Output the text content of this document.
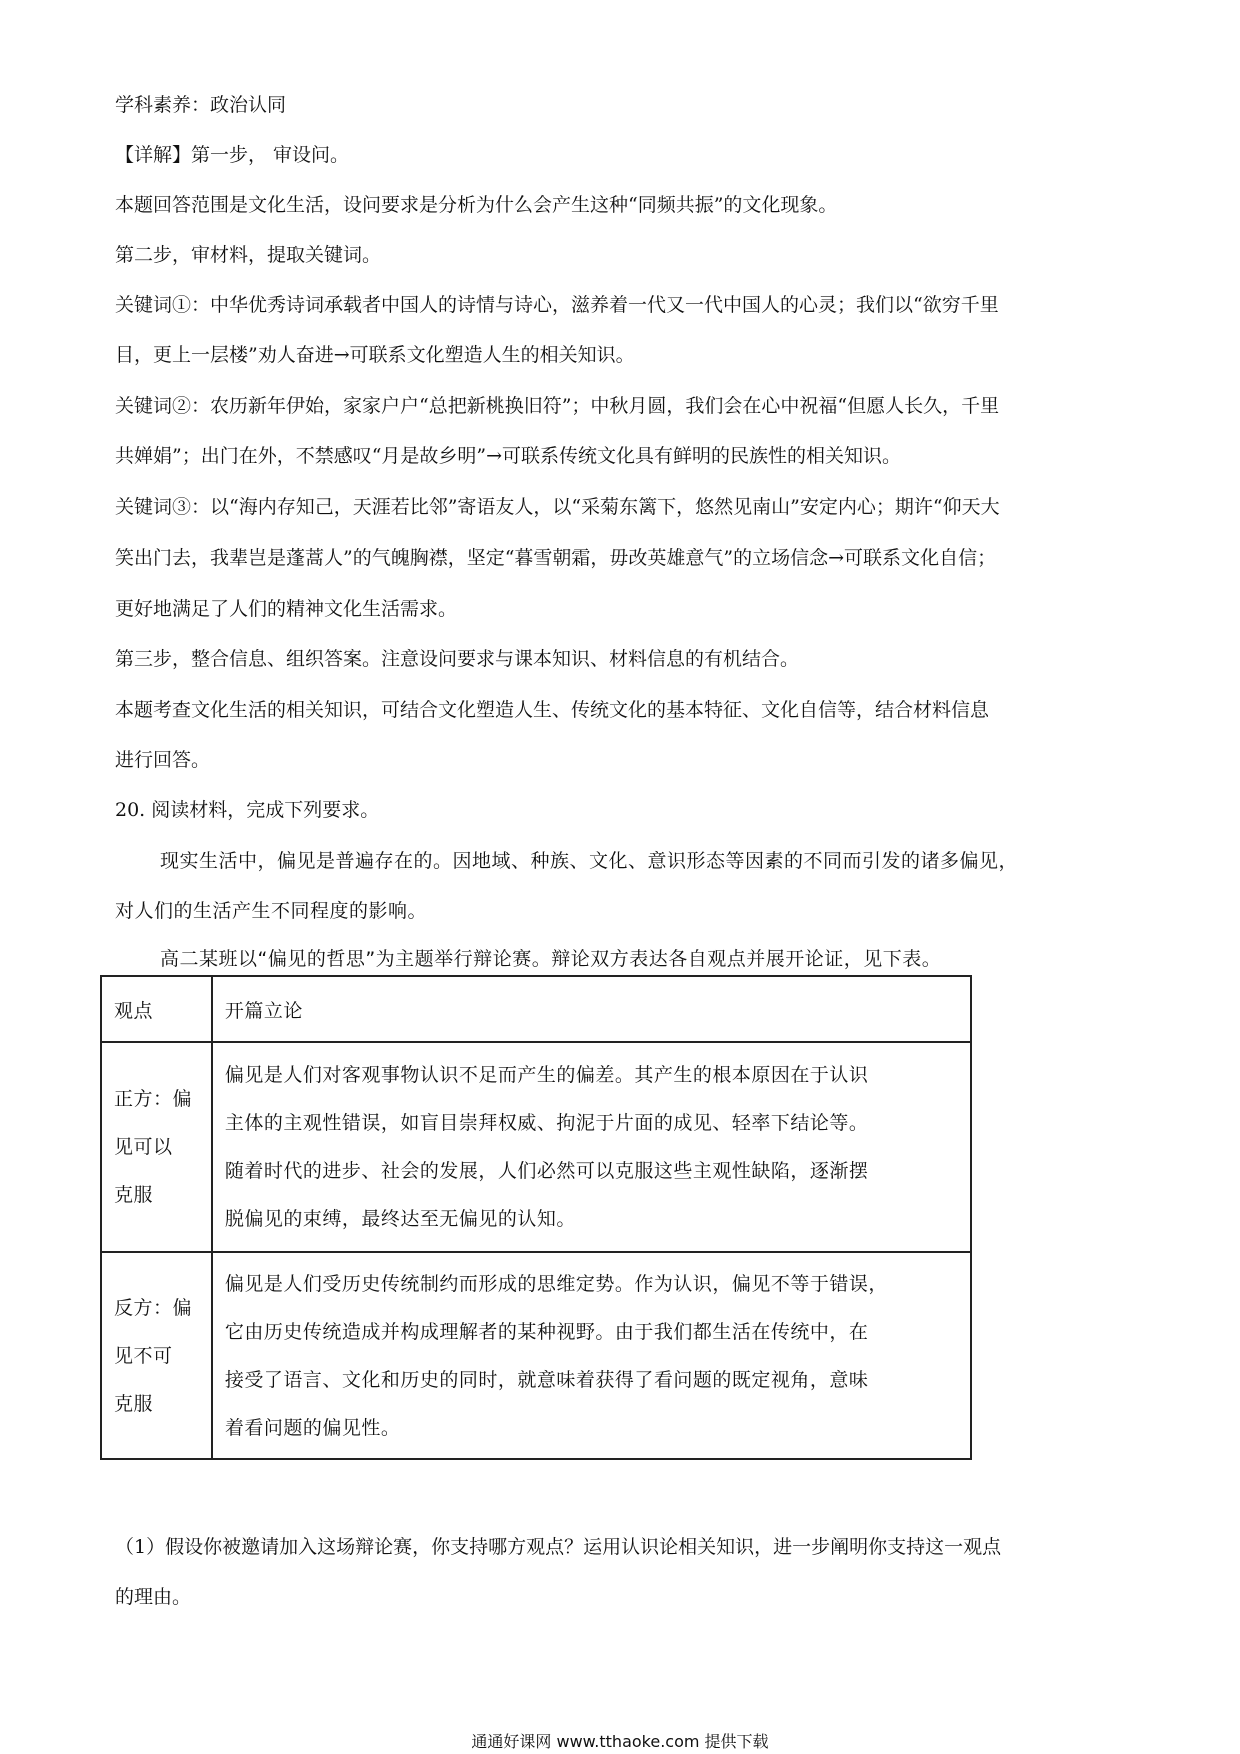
学科素养：政治认同
【详解】第一步， 审设问。
本题回答范围是文化生活，设问要求是分析为什么会产生这种“同频共振”的文化现象。
第二步，审材料，提取关键词。
关键词①：中华优秀诗词承载者中国人的诗情与诗心，滋养着一代又一代中国人的心灵；我们以“欲穷千里
目，更上一层楼”劝人奋进→可联系文化塑造人生的相关知识。
关键词②：农历新年伊始，家家户户“总把新桃换旧符”；中秋月圆，我们会在心中祝福“但愿人长久，千里
共婵娟”；出门在外，不禁感叹“月是故乡明”→可联系传统文化具有鲜明的民族性的相关知识。
关键词③：以“海内存知己，天涯若比邻”寄语友人，以“采菊东篱下，悠然见南山”安定内心；期许“仰天大
笑出门去，我辈岂是蓬蒿人”的气魄胸襟，坚定“暮雪朝霜，毋改英雄意气”的立场信念→可联系文化自信；
更好地满足了人们的精神文化生活需求。
第三步，整合信息、组织答案。注意设问要求与课本知识、材料信息的有机结合。
本题考查文化生活的相关知识，可结合文化塑造人生、传统文化的基本特征、文化自信等，结合材料信息
进行回答。
20. 阅读材料，完成下列要求。
现实生活中，偏见是普遍存在的。因地域、种族、文化、意识形态等因素的不同而引发的诸多偏见，
对人们的生活产生不同程度的影响。
高二某班以“偏见的哲思”为主题举行辩论赛。辩论双方表达各自观点并展开论证，见下表。
观点	开篇立论

正方：偏
见可以
克服	偏见是人们对客观事物认识不足而产生的偏差。其产生的根本原因在于认识
主体的主观性错误，如盲目崇拜权威、拘泥于片面的成见、轻率下结论等。
随着时代的进步、社会的发展，人们必然可以克服这些主观性缺陷，逐渐摆
脱偏见的束缚，最终达至无偏见的认知。

反方：偏
见不可
克服	偏见是人们受历史传统制约而形成的思维定势。作为认识，偏见不等于错误，
它由历史传统造成并构成理解者的某种视野。由于我们都生活在传统中，在
接受了语言、文化和历史的同时，就意味着获得了看问题的既定视角，意味
着看问题的偏见性。
（1）假设你被邀请加入这场辩论赛，你支持哪方观点？运用认识论相关知识，进一步阐明你支持这一观点
的理由。
通通好课网 www.tthaoke.com 提供下载
